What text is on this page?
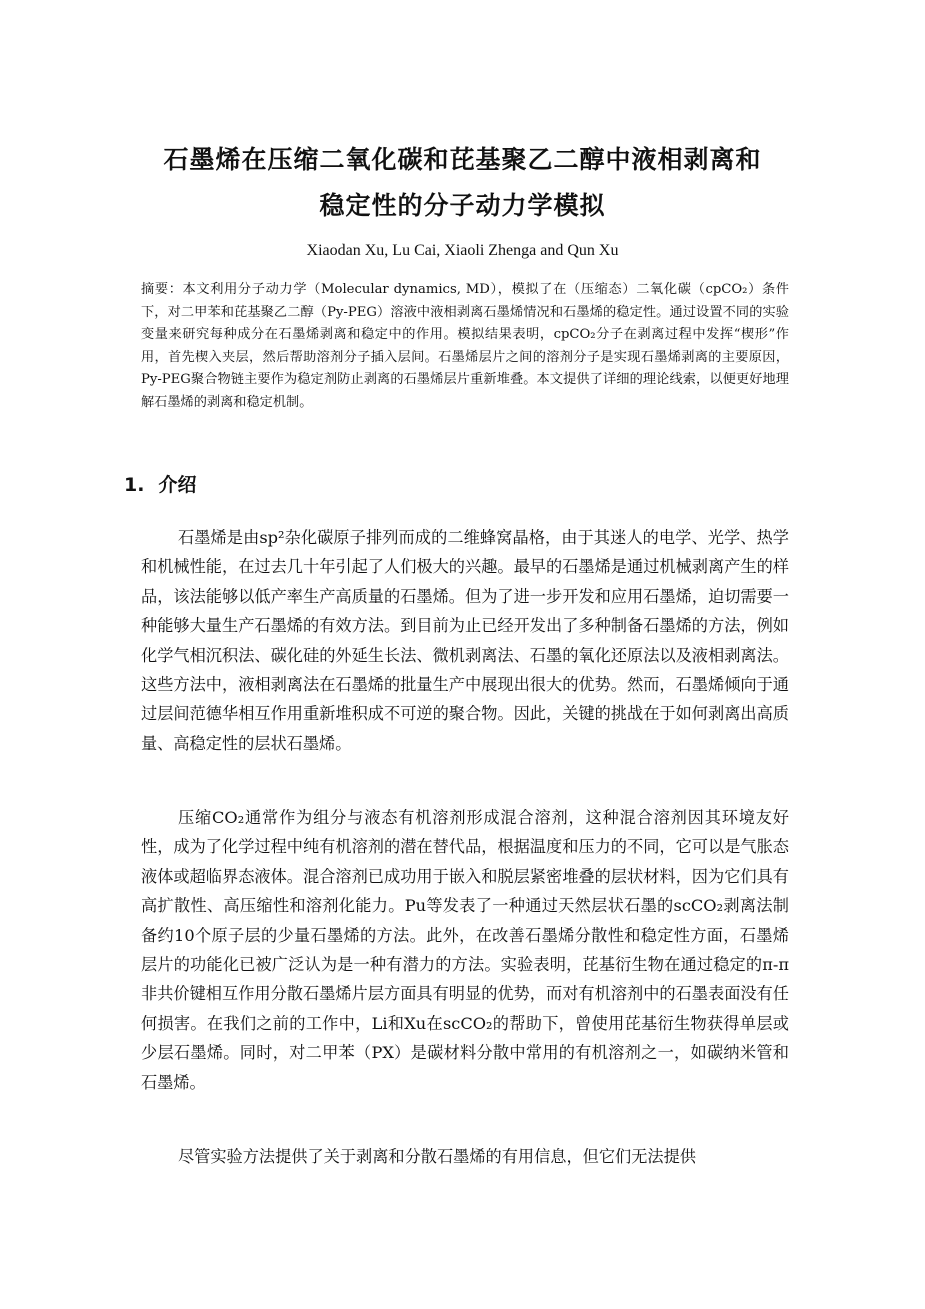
石墨烯在压缩二氧化碳和芘基聚乙二醇中液相剥离和
稳定性的分子动力学模拟

Xiaodan Xu, Lu Cai, Xiaoli Zhenga and Qun Xu

摘要：本文利用分子动力学（Molecular dynamics, MD），模拟了在（压缩态）二氧化碳（cpCO₂）条件下，对二甲苯和芘基聚乙二醇（Py-PEG）溶液中液相剥离石墨烯情况和石墨烯的稳定性。通过设置不同的实验变量来研究每种成分在石墨烯剥离和稳定中的作用。模拟结果表明，cpCO₂分子在剥离过程中发挥“楔形”作用，首先楔入夹层，然后帮助溶剂分子插入层间。石墨烯层片之间的溶剂分子是实现石墨烯剥离的主要原因，Py-PEG聚合物链主要作为稳定剂防止剥离的石墨烯层片重新堆叠。本文提供了详细的理论线索，以便更好地理解石墨烯的剥离和稳定机制。

1. 介绍

石墨烯是由sp²杂化碳原子排列而成的二维蜂窝晶格，由于其迷人的电学、光学、热学和机械性能，在过去几十年引起了人们极大的兴趣。最早的石墨烯是通过机械剥离产生的样品，该法能够以低产率生产高质量的石墨烯。但为了进一步开发和应用石墨烯，迫切需要一种能够大量生产石墨烯的有效方法。到目前为止已经开发出了多种制备石墨烯的方法，例如化学气相沉积法、碳化硅的外延生长法、微机剥离法、石墨的氧化还原法以及液相剥离法。这些方法中，液相剥离法在石墨烯的批量生产中展现出很大的优势。然而，石墨烯倾向于通过层间范德华相互作用重新堆积成不可逆的聚合物。因此，关键的挑战在于如何剥离出高质量、高稳定性的层状石墨烯。

压缩CO₂通常作为组分与液态有机溶剂形成混合溶剂，这种混合溶剂因其环境友好性，成为了化学过程中纯有机溶剂的潜在替代品，根据温度和压力的不同，它可以是气胀态液体或超临界态液体。混合溶剂已成功用于嵌入和脱层紧密堆叠的层状材料，因为它们具有高扩散性、高压缩性和溶剂化能力。Pu等发表了一种通过天然层状石墨的scCO₂剥离法制备约10个原子层的少量石墨烯的方法。此外，在改善石墨烯分散性和稳定性方面，石墨烯层片的功能化已被广泛认为是一种有潜力的方法。实验表明，芘基衍生物在通过稳定的π-π非共价键相互作用分散石墨烯片层方面具有明显的优势，而对有机溶剂中的石墨表面没有任何损害。在我们之前的工作中，Li和Xu在scCO₂的帮助下，曾使用芘基衍生物获得单层或少层石墨烯。同时，对二甲苯（PX）是碳材料分散中常用的有机溶剂之一，如碳纳米管和石墨烯。

尽管实验方法提供了关于剥离和分散石墨烯的有用信息，但它们无法提供
